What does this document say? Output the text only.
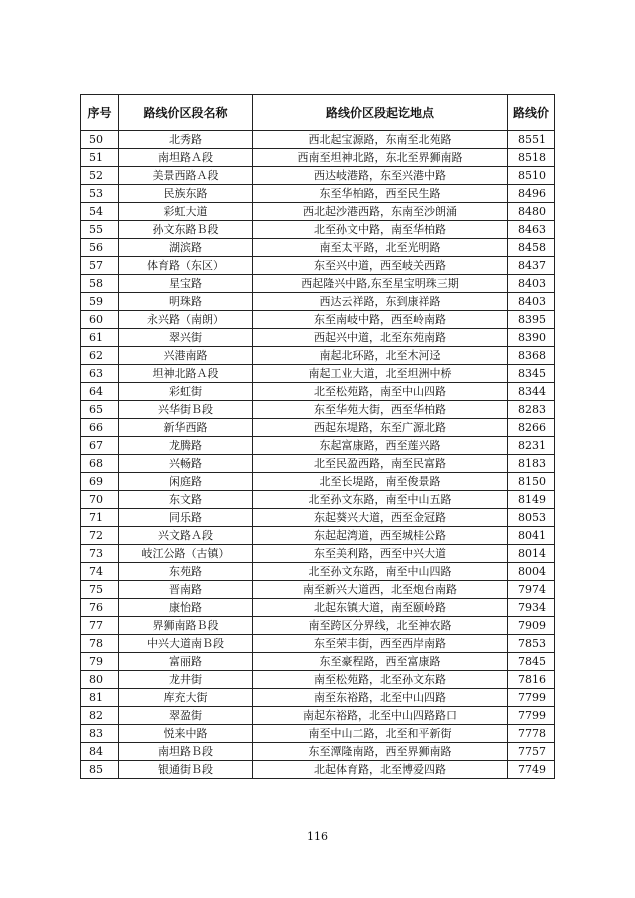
序号	路线价区段名称	路线价区段起讫地点	路线价
50	北秀路	西北起宝源路，东南至北苑路	8551
51	南坦路Ａ段	西南至坦神北路，东北至界狮南路	8518
52	美景西路Ａ段	西达岐港路，东至兴港中路	8510
53	民族东路	东至华柏路，西至民生路	8496
54	彩虹大道	西北起沙港西路，东南至沙朗涌	8480
55	孙文东路Ｂ段	北至孙文中路，南至华柏路	8463
56	湖滨路	南至太平路，北至光明路	8458
57	体育路（东区）	东至兴中道，西至岐关西路	8437
58	星宝路	西起隆兴中路,东至星宝明珠三期	8403
59	明珠路	西达云祥路，东到康祥路	8403
60	永兴路（南朗）	东至南岐中路，西至岭南路	8395
61	翠兴街	西起兴中道，北至东苑南路	8390
62	兴港南路	南起北环路，北至木河迳	8368
63	坦神北路Ａ段	南起工业大道，北至坦洲中桥	8345
64	彩虹街	北至松苑路，南至中山四路	8344
65	兴华街Ｂ段	东至华苑大街，西至华柏路	8283
66	新华西路	西起东堤路，东至广源北路	8266
67	龙腾路	东起富康路，西至莲兴路	8231
68	兴畅路	北至民盈西路，南至民富路	8183
69	闲庭路	北至长堤路，南至俊景路	8150
70	东文路	北至孙文东路，南至中山五路	8149
71	同乐路	东起葵兴大道，西至金冠路	8053
72	兴文路Ａ段	东起起湾道，西至城桂公路	8041
73	岐江公路（古镇）	东至美利路，西至中兴大道	8014
74	东苑路	北至孙文东路，南至中山四路	8004
75	晋南路	南至新兴大道西，北至炮台南路	7974
76	康怡路	北起东镇大道，南至颐岭路	7934
77	界狮南路Ｂ段	南至跨区分界线，北至神农路	7909
78	中兴大道南Ｂ段	东至荣丰街，西至西岸南路	7853
79	富丽路	东至豪程路，西至富康路	7845
80	龙井街	南至松苑路，北至孙文东路	7816
81	库充大街	南至东裕路，北至中山四路	7799
82	翠盈街	南起东裕路，北至中山四路路口	7799
83	悦来中路	南至中山二路，北至和平新街	7778
84	南坦路Ｂ段	东至潭隆南路，西至界狮南路	7757
85	银通街Ｂ段	北起体育路，北至博爱四路	7749
116
